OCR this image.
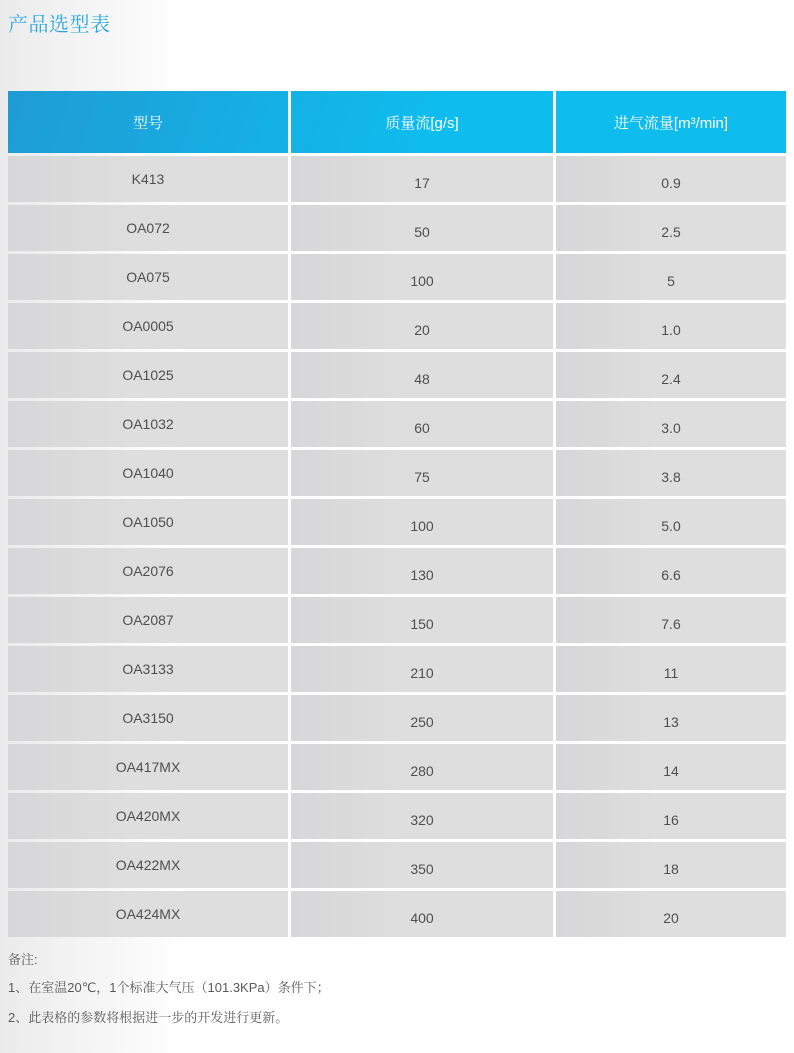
产品选型表
型号	质量流[g/s]	进气流量[m³/min]
K413	17	0.9
OA072	50	2.5
OA075	100	5
OA0005	20	1.0
OA1025	48	2.4
OA1032	60	3.0
OA1040	75	3.8
OA1050	100	5.0
OA2076	130	6.6
OA2087	150	7.6
OA3133	210	11
OA3150	250	13
OA417MX	280	14
OA420MX	320	16
OA422MX	350	18
OA424MX	400	20
备注:
1、在室温20℃，1个标准大气压（101.3KPa）条件下；
2、此表格的参数将根据进一步的开发进行更新。
